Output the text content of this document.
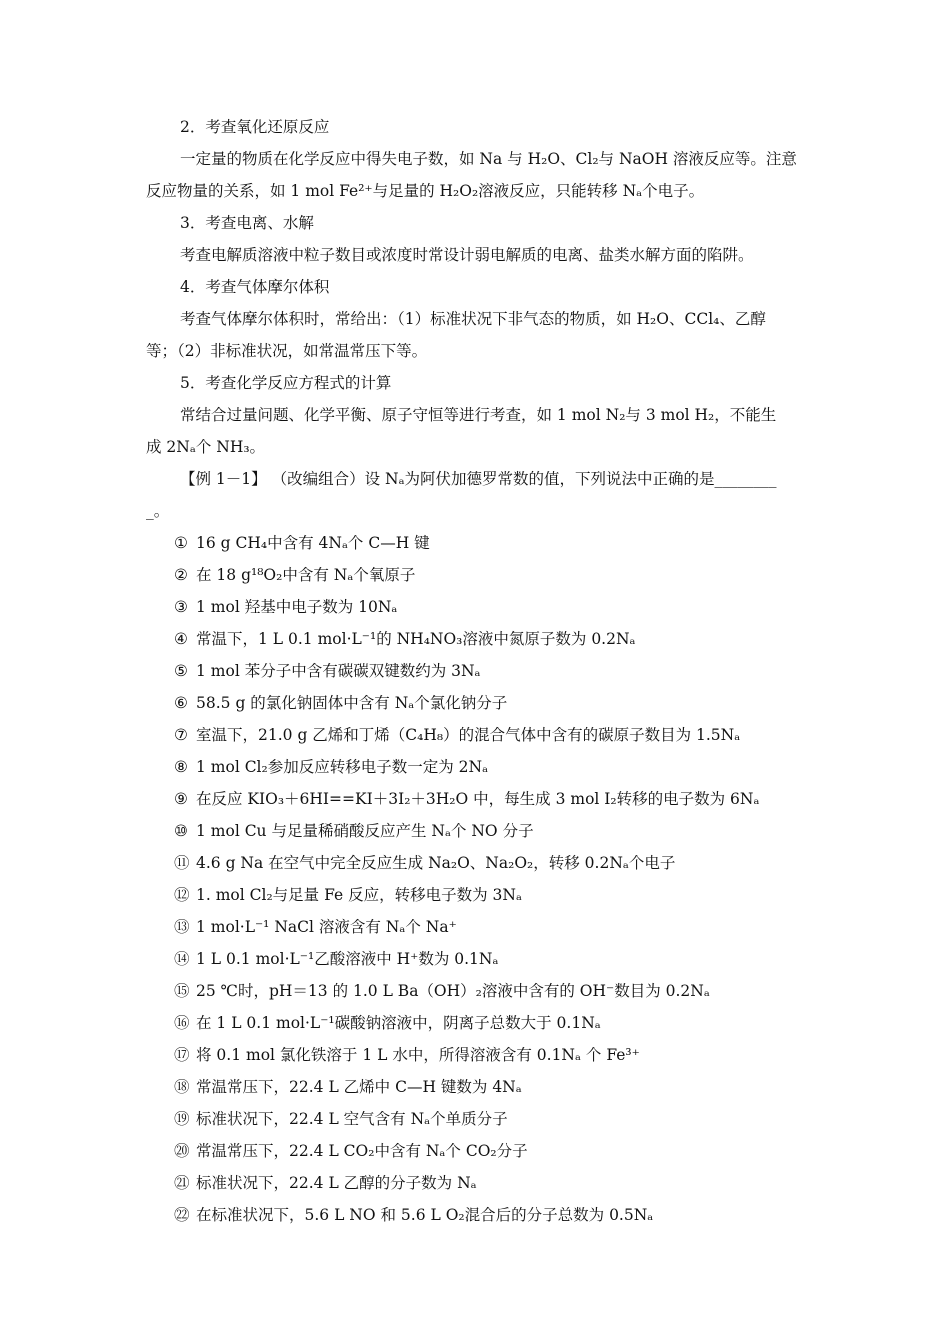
2．考查氧化还原反应
一定量的物质在化学反应中得失电子数，如 Na 与 H₂O、Cl₂与 NaOH 溶液反应等。注意
反应物量的关系，如 1 mol Fe²⁺与足量的 H₂O₂溶液反应，只能转移 Nₐ个电子。
3．考查电离、水解
考查电解质溶液中粒子数目或浓度时常设计弱电解质的电离、盐类水解方面的陷阱。
4．考查气体摩尔体积
考查气体摩尔体积时，常给出：（1）标准状况下非气态的物质，如 H₂O、CCl₄、乙醇
等；（2）非标准状况，如常温常压下等。
5．考查化学反应方程式的计算
常结合过量问题、化学平衡、原子守恒等进行考查，如 1 mol N₂与 3 mol H₂，不能生
成 2Nₐ个 NH₃。
【例 1－1】 （改编组合）设 Nₐ为阿伏加德罗常数的值，下列说法中正确的是________
_。
① 16 g CH₄中含有 4Nₐ个 C—H 键
② 在 18 g¹⁸O₂中含有 Nₐ个氧原子
③ 1 mol 羟基中电子数为 10Nₐ
④ 常温下，1 L 0.1 mol·L⁻¹的 NH₄NO₃溶液中氮原子数为 0.2Nₐ
⑤ 1 mol 苯分子中含有碳碳双键数约为 3Nₐ
⑥ 58.5 g 的氯化钠固体中含有 Nₐ个氯化钠分子
⑦ 室温下，21.0 g 乙烯和丁烯（C₄H₈）的混合气体中含有的碳原子数目为 1.5Nₐ
⑧ 1 mol Cl₂参加反应转移电子数一定为 2Nₐ
⑨ 在反应 KIO₃＋6HI==KI＋3I₂＋3H₂O 中，每生成 3 mol I₂转移的电子数为 6Nₐ
⑩ 1 mol Cu 与足量稀硝酸反应产生 Nₐ个 NO 分子
⑪ 4.6 g Na 在空气中完全反应生成 Na₂O、Na₂O₂，转移 0.2Nₐ个电子
⑫ 1. mol Cl₂与足量 Fe 反应，转移电子数为 3Nₐ
⑬ 1 mol·L⁻¹ NaCl 溶液含有 Nₐ个 Na⁺
⑭ 1 L 0.1 mol·L⁻¹乙酸溶液中 H⁺数为 0.1Nₐ
⑮ 25 ℃时，pH＝13 的 1.0 L Ba（OH）₂溶液中含有的 OH⁻数目为 0.2Nₐ
⑯ 在 1 L 0.1 mol·L⁻¹碳酸钠溶液中，阴离子总数大于 0.1Nₐ
⑰ 将 0.1 mol 氯化铁溶于 1 L 水中，所得溶液含有 0.1Nₐ 个 Fe³⁺
⑱ 常温常压下，22.4 L 乙烯中 C—H 键数为 4Nₐ
⑲ 标准状况下，22.4 L 空气含有 Nₐ个单质分子
⑳ 常温常压下，22.4 L CO₂中含有 Nₐ个 CO₂分子
㉑ 标准状况下，22.4 L 乙醇的分子数为 Nₐ
㉒ 在标准状况下，5.6 L NO 和 5.6 L O₂混合后的分子总数为 0.5Nₐ
